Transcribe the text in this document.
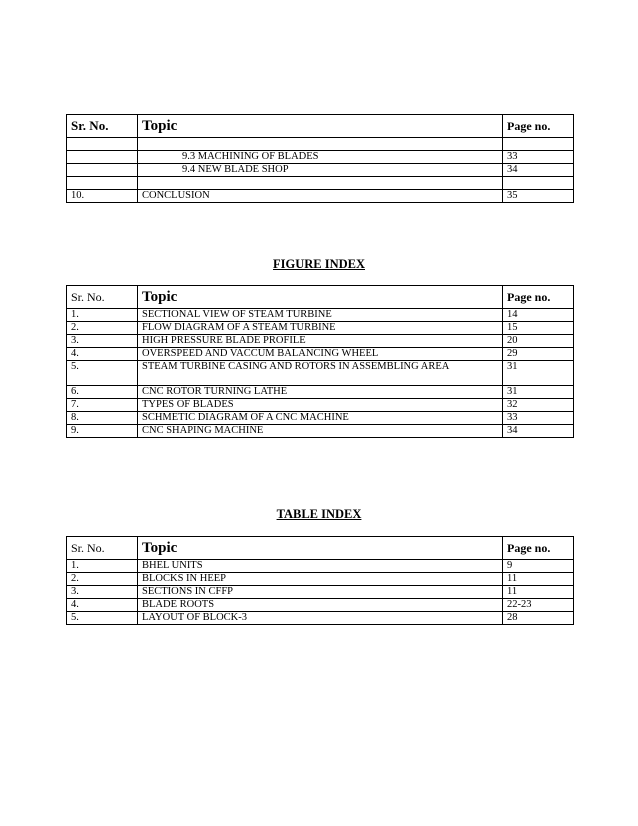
Sr. No.	Topic	Page no.

	9.3 MACHINING OF BLADES	33
	9.4 NEW BLADE SHOP	34

10.	CONCLUSION	35
FIGURE INDEX
Sr. No.	Topic	Page no.
1.	SECTIONAL VIEW OF STEAM TURBINE	14
2.	FLOW DIAGRAM OF A STEAM TURBINE	15
3.	HIGH PRESSURE BLADE PROFILE	20
4.	OVERSPEED AND VACCUM BALANCING WHEEL	29
5.	STEAM TURBINE CASING AND ROTORS IN ASSEMBLING AREA	31
6.	CNC ROTOR TURNING LATHE	31
7.	TYPES OF BLADES	32
8.	SCHMETIC DIAGRAM OF A CNC MACHINE	33
9.	CNC SHAPING MACHINE	34
TABLE INDEX
Sr. No.	Topic	Page no.
1.	BHEL UNITS	9
2.	BLOCKS IN HEEP	11
3.	SECTIONS IN CFFP	11
4.	BLADE ROOTS	22-23
5.	LAYOUT OF BLOCK-3	28
